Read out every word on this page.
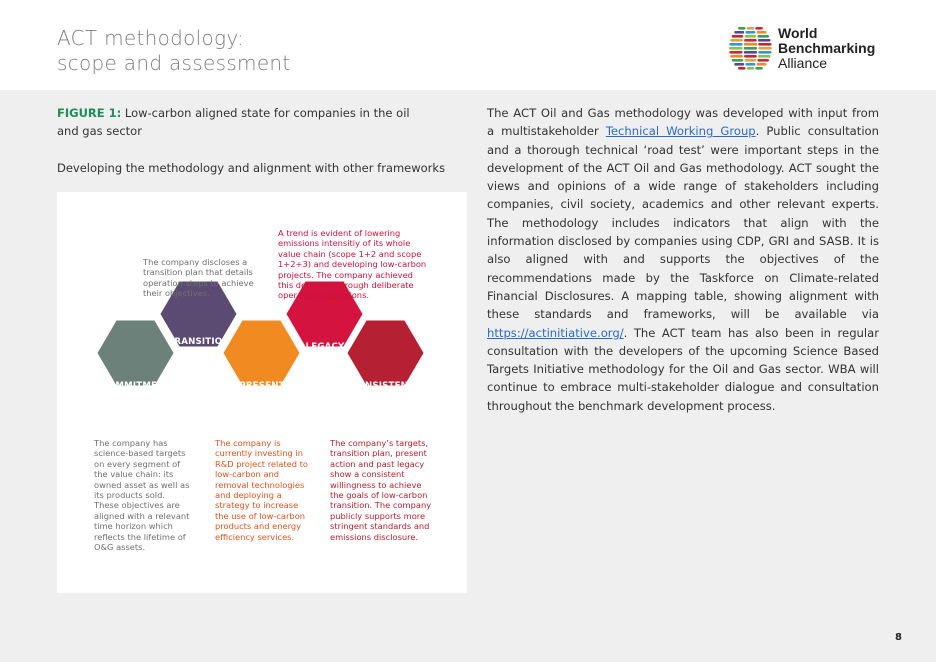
ACT methodology:
scope and assessment
World
Benchmarking
Alliance

FIGURE 1: Low-carbon aligned state for companies in the oil and gas sector

Developing the methodology and alignment with other frameworks

COMMITMENT
TRANSITION PLAN
PRESENT
LEGACY
CONSISTENCY

The company discloses a transition plan that details operation steps to achieve their objectives.

A trend is evident of lowering emissions intensitiy of its whole value chain (scope 1+2 and scope 1+2+3) and developing low-carbon projects. The company achieved this decrease through deliberate operational decisions.

The company has science-based targets on every segment of the value chain: its owned asset as well as its products sold. These objectives are aligned with a relevant time horizon which reflects the lifetime of O&G assets.

The company is currently investing in R&D project related to low-carbon and removal technologies and deploying a strategy to increase the use of low-carbon products and energy efficiency services.

The company’s targets, transition plan, present action and past legacy show a consistent willingness to achieve the goals of low-carbon transition. The company publicly supports more stringent standards and emissions disclosure.

The ACT Oil and Gas methodology was developed with input from a multistakeholder Technical Working Group. Public consultation and a thorough technical ‘road test’ were important steps in the development of the ACT Oil and Gas methodology. ACT sought the views and opinions of a wide range of stakeholders including companies, civil society, academics and other relevant experts. The methodology includes indicators that align with the information disclosed by companies using CDP, GRI and SASB. It is also aligned with and supports the objectives of the recommendations made by the Taskforce on Climate-related Financial Disclosures. A mapping table, showing alignment with these standards and frameworks, will be available via https://actinitiative.org/. The ACT team has also been in regular consultation with the developers of the upcoming Science Based Targets Initiative methodology for the Oil and Gas sector. WBA will continue to embrace multi-stakeholder dialogue and consultation throughout the benchmark development process.

8
